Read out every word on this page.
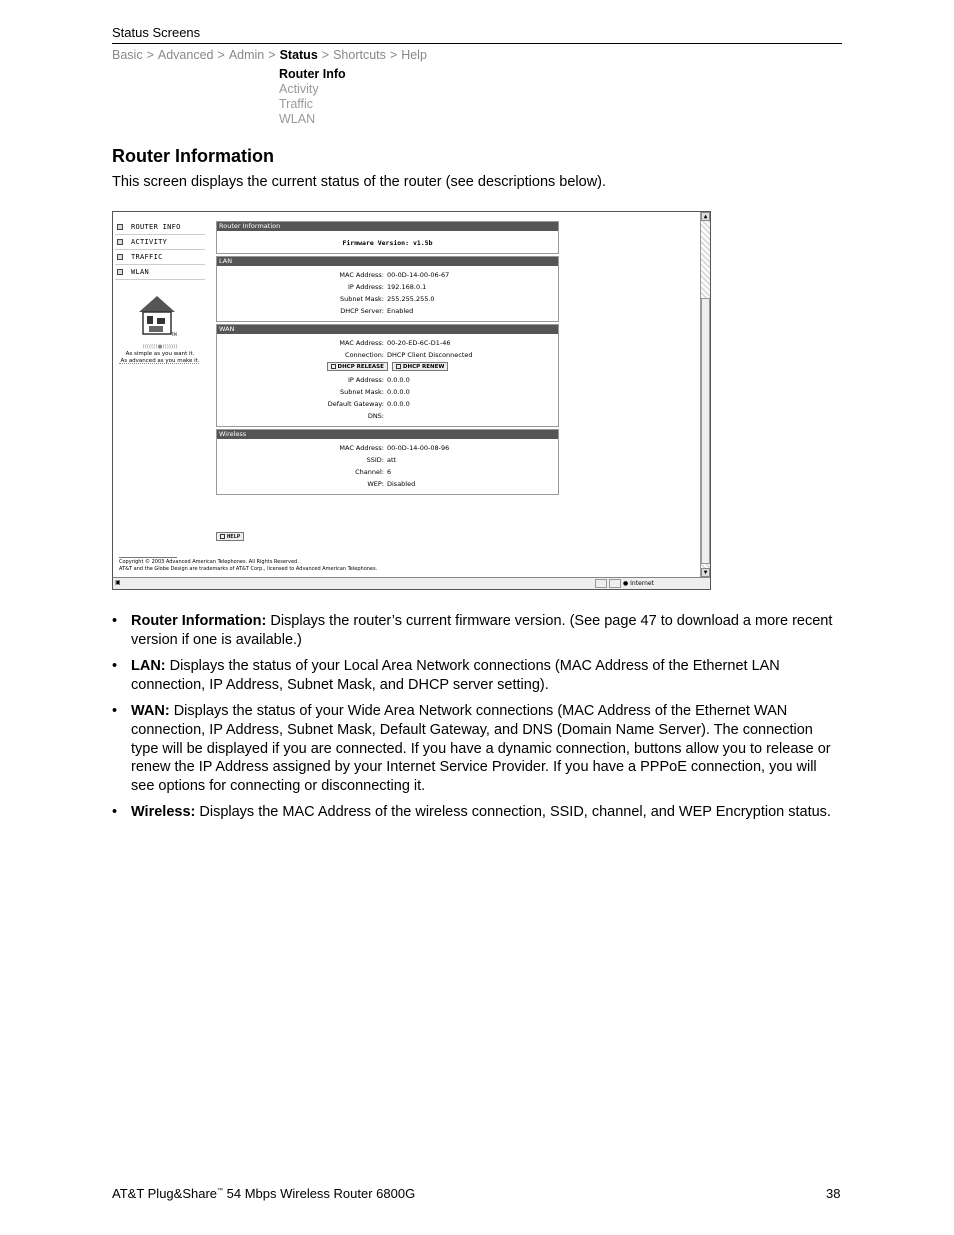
Status Screens
Basic > Advanced > Admin > Status > Shortcuts > Help
Router Info
Activity
Traffic
WLAN
Router Information

This screen displays the current status of the router (see descriptions below).

ROUTER INFO
ACTIVITY
TRAFFIC
WLAN
TM
(((((((●)))))))
As simple as you want it.
As advanced as you make it.
Router Information
Firmware Version: v1.5b
LAN
MAC Address: 00-0D-14-00-06-67
IP Address: 192.168.0.1
Subnet Mask: 255.255.255.0
DHCP Server: Enabled
WAN
MAC Address: 00-20-ED-6C-D1-46
Connection: DHCP Client Disconnected
DHCP RELEASE	DHCP RENEW
IP Address: 0.0.0.0
Subnet Mask: 0.0.0.0
Default Gateway: 0.0.0.0
DNS:
Wireless
MAC Address: 00-0D-14-00-08-96
SSID: att
Channel: 6
WEP: Disabled
HELP
Copyright © 2003 Advanced American Telephones. All Rights Reserved.
AT&T and the Globe Design are trademarks of AT&T Corp., licensed to Advanced American Telephones.
▲
▼
▣	● Internet
• Router Information: Displays the router’s current firmware version. (See page 47 to download a more recent version if one is available.)
• LAN: Displays the status of your Local Area Network connections (MAC Address of the Ethernet LAN connection, IP Address, Subnet Mask, and DHCP server setting).
• WAN: Displays the status of your Wide Area Network connections (MAC Address of the Ethernet WAN connection, IP Address, Subnet Mask, Default Gateway, and DNS (Domain Name Server). The connection type will be displayed if you are connected. If you have a dynamic connection, buttons allow you to release or renew the IP Address assigned by your Internet Service Provider. If you have a PPPoE connection, you will see options for connecting or disconnecting it.
• Wireless: Displays the MAC Address of the wireless connection, SSID, channel, and WEP Encryption status.
AT&T Plug&Share™ 54 Mbps Wireless Router 6800G	38
